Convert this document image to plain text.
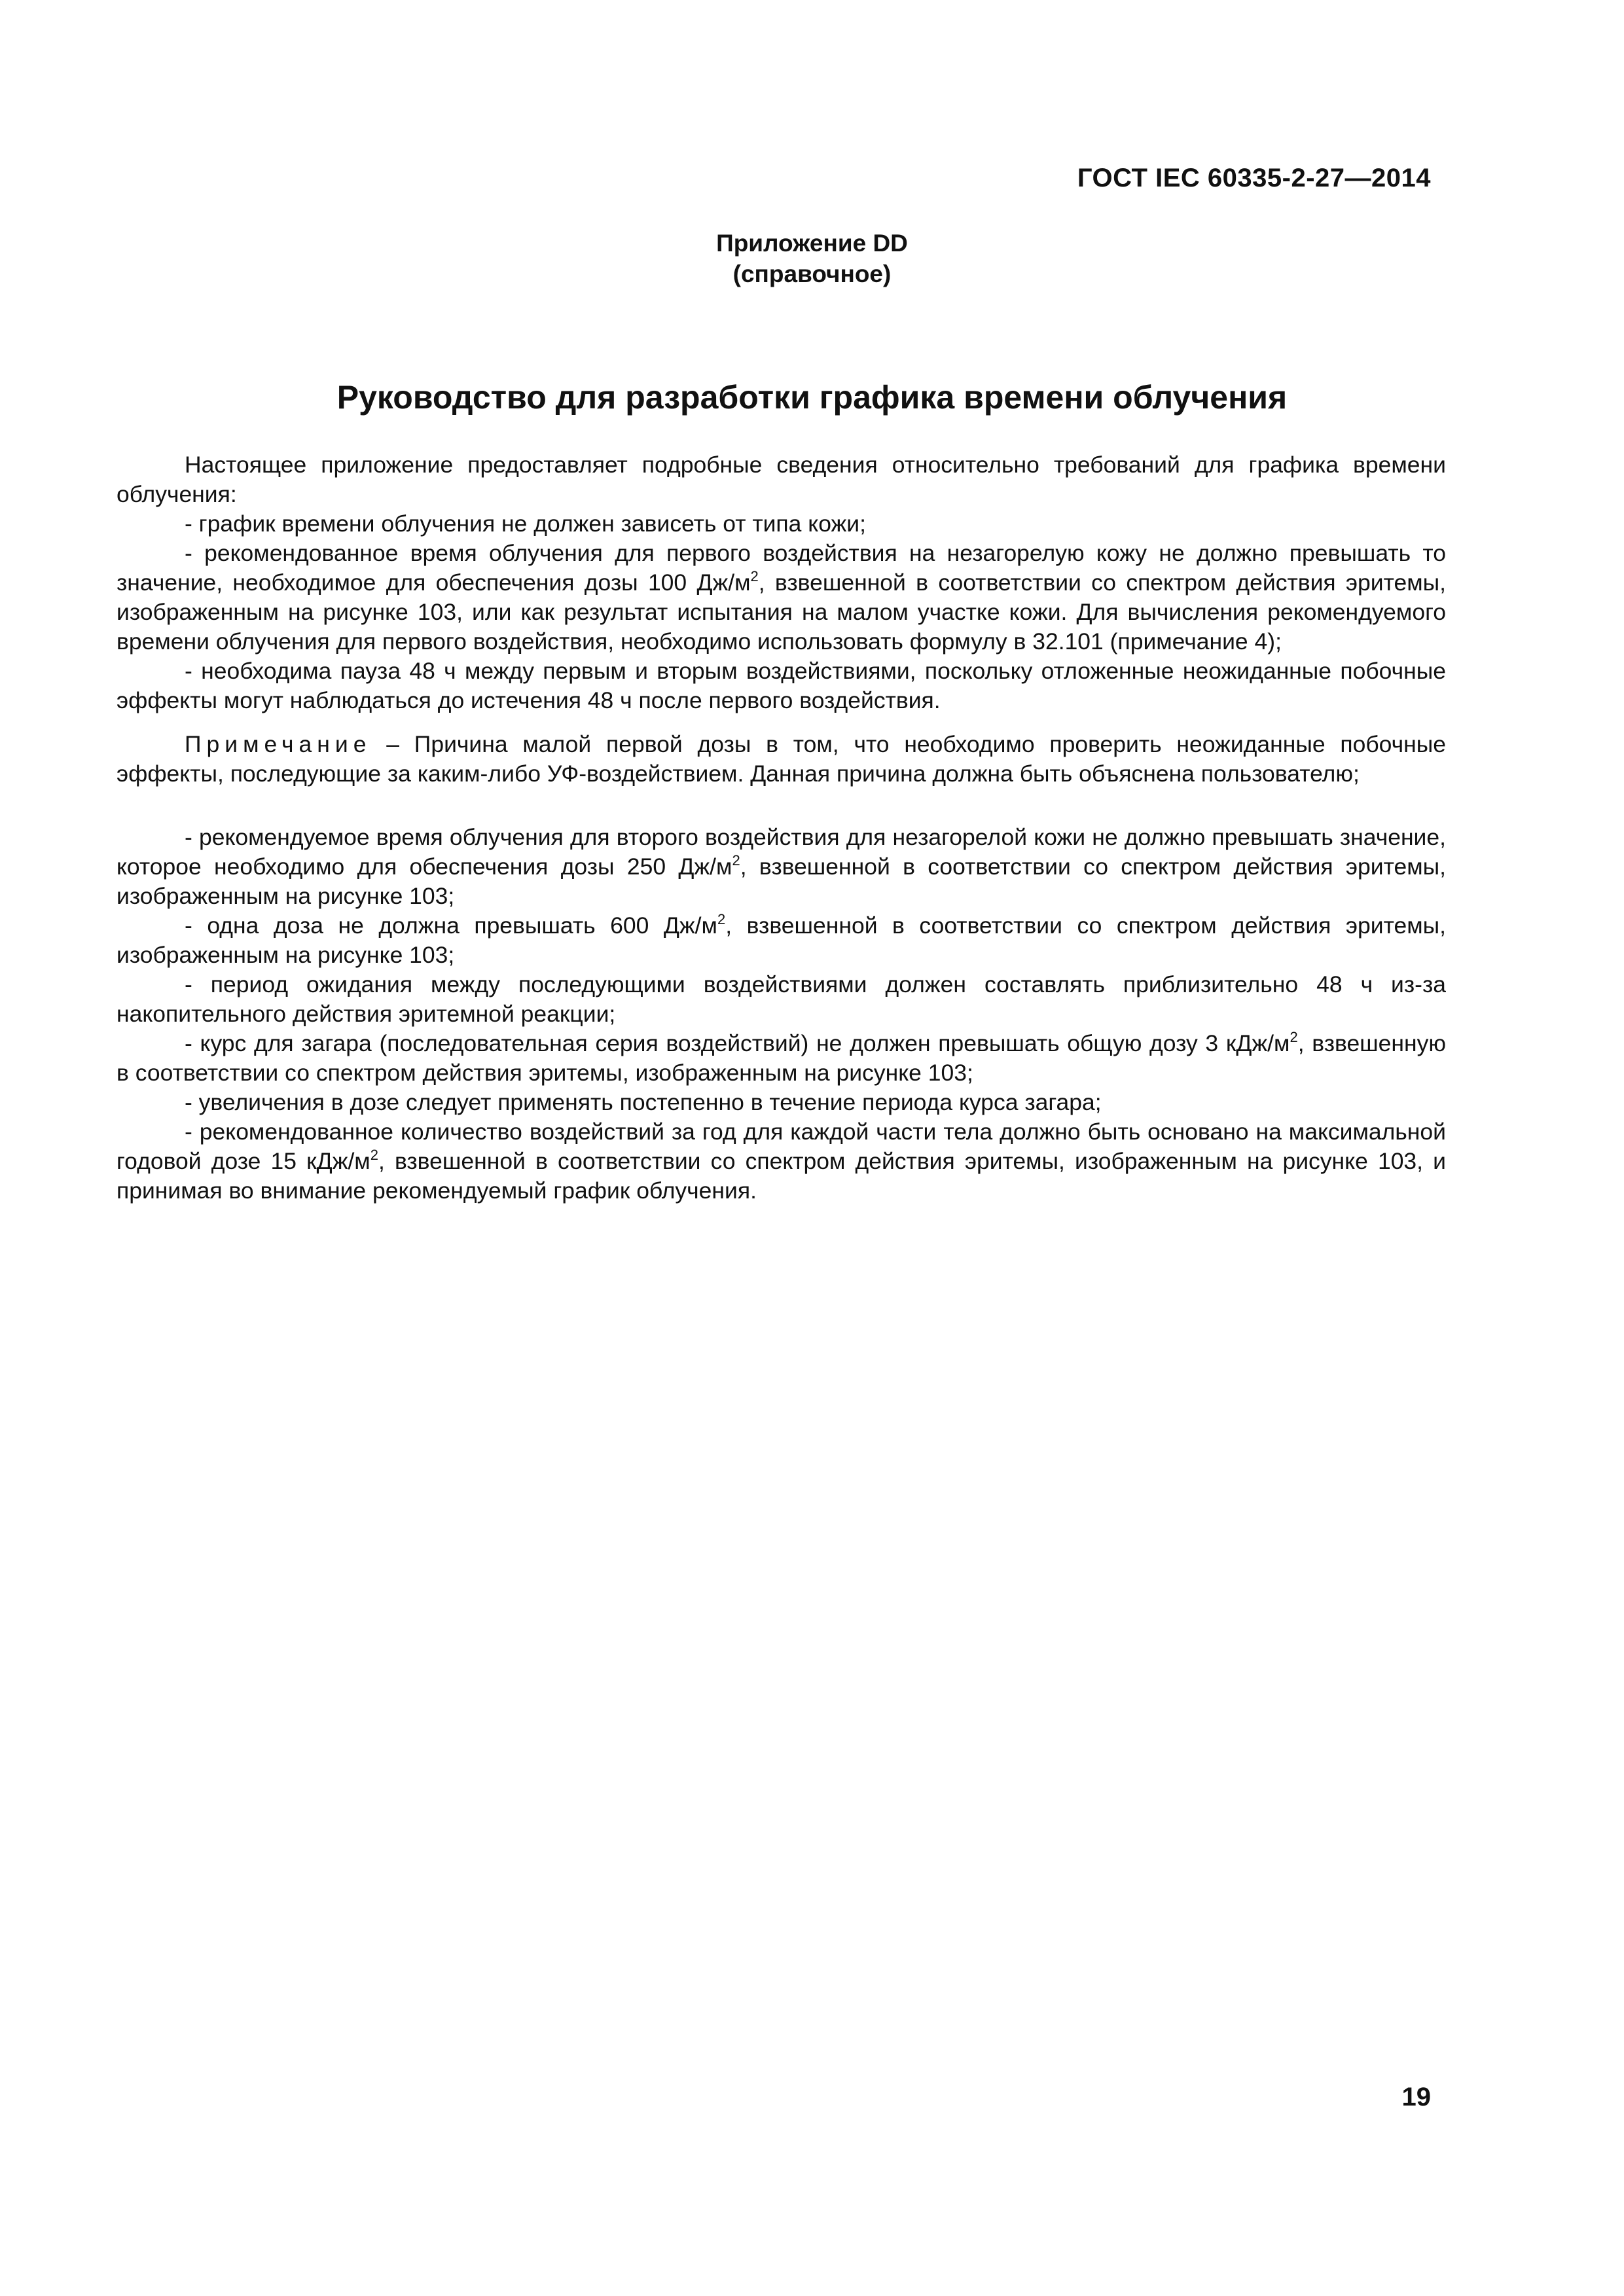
ГОСТ IEC 60335-2-27—2014
Приложение DD
(справочное)
Руководство для разработки графика времени облучения

Настоящее приложение предоставляет подробные сведения относительно требований для графика времени облучения:

- график времени облучения не должен зависеть от типа кожи;

- рекомендованное время облучения для первого воздействия на незагорелую кожу не должно превышать то значение, необходимое для обеспечения дозы 100 $Дж/м^2$, взвешенной в соответствии со спектром действия эритемы, изображенным на рисунке 103, или как результат испытания на малом участке кожи. Для вычисления рекомендуемого времени облучения для первого воздействия, необходимо использовать формулу в 32.101 (примечание 4);

- необходима пауза 48 ч между первым и вторым воздействиями, поскольку отложенные неожиданные побочные эффекты могут наблюдаться до истечения 48 ч после первого воздействия.

Примечание – Причина малой первой дозы в том, что необходимо проверить неожиданные побочные эффекты, последующие за каким-либо УФ-воздействием. Данная причина должна быть объяснена пользователю;

- рекомендуемое время облучения для второго воздействия для незагорелой кожи не должно превышать значение, которое необходимо для обеспечения дозы 250 $Дж/м^2$, взвешенной в соответствии со спектром действия эритемы, изображенным на рисунке 103;

- одна доза не должна превышать 600 $Дж/м^2$, взвешенной в соответствии со спектром действия эритемы, изображенным на рисунке 103;

- период ожидания между последующими воздействиями должен составлять приблизительно 48 ч из-за накопительного действия эритемной реакции;

- курс для загара (последовательная серия воздействий) не должен превышать общую дозу 3 кДж/$м^2$, взвешенную в соответствии со спектром действия эритемы, изображенным на рисунке 103;

- увеличения в дозе следует применять постепенно в течение периода курса загара;

- рекомендованное количество воздействий за год для каждой части тела должно быть основано на максимальной годовой дозе 15 кДж/$м^2$, взвешенной в соответствии со спектром действия эритемы, изображенным на рисунке 103, и принимая во внимание рекомендуемый график облучения.

19
